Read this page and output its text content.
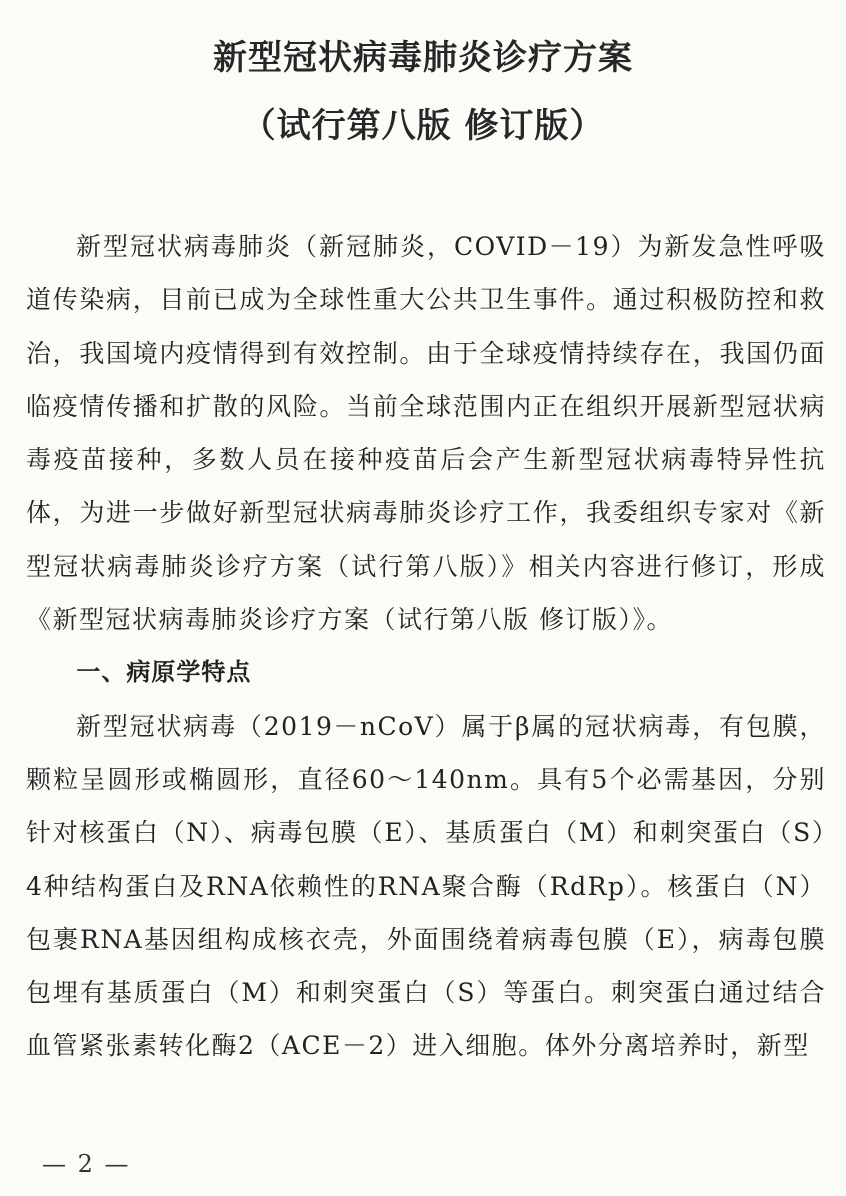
新型冠状病毒肺炎诊疗方案
（试行第八版 修订版）

新型冠状病毒肺炎（新冠肺炎，COVID－19）为新发急性呼吸道传染病，目前已成为全球性重大公共卫生事件。通过积极防控和救治，我国境内疫情得到有效控制。由于全球疫情持续存在，我国仍面临疫情传播和扩散的风险。当前全球范围内正在组织开展新型冠状病毒疫苗接种，多数人员在接种疫苗后会产生新型冠状病毒特异性抗体，为进一步做好新型冠状病毒肺炎诊疗工作，我委组织专家对《新型冠状病毒肺炎诊疗方案（试行第八版）》相关内容进行修订，形成《新型冠状病毒肺炎诊疗方案（试行第八版 修订版）》。

一、病原学特点

新型冠状病毒（2019－nCoV）属于β属的冠状病毒，有包膜，颗粒呈圆形或椭圆形，直径60～140nm。具有5个必需基因，分别针对核蛋白（N）、病毒包膜（E）、基质蛋白（M）和刺突蛋白（S）4种结构蛋白及RNA依赖性的RNA聚合酶（RdRp）。核蛋白（N）包裹RNA基因组构成核衣壳，外面围绕着病毒包膜（E），病毒包膜包埋有基质蛋白（M）和刺突蛋白（S）等蛋白。刺突蛋白通过结合血管紧张素转化酶2（ACE－2）进入细胞。体外分离培养时，新型

— 2 —
